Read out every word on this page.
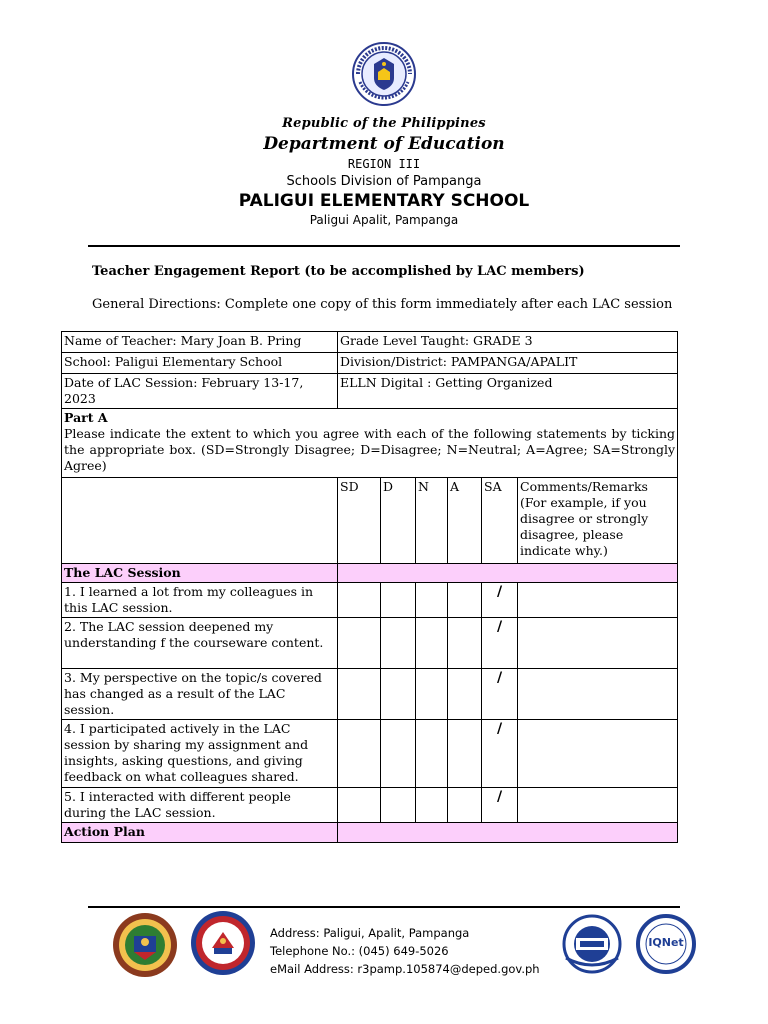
Republic of the Philippines
Department of Education
REGION III
Schools Division of Pampanga
PALIGUI ELEMENTARY SCHOOL
Paligui Apalit, Pampanga
Teacher Engagement Report (to be accomplished by LAC members)
General Directions: Complete one copy of this form immediately after each LAC session
Name of Teacher: Mary Joan B. Pring	Grade Level Taught: GRADE 3					
School: Paligui Elementary School	Division/District: PAMPANGA/APALIT					
Date of LAC Session: February 13-17, 2023	ELLN Digital : Getting Organized					

Part A
Please indicate the extent to which you agree with each of the following statements by ticking the appropriate box. (SD=Strongly Disagree; D=Disagree; N=Neutral; A=Agree; SA=Strongly Agree)						

	SD	D	N	A	SA	Comments/Remarks (For example, if you disagree or strongly disagree, please indicate why.)
The LAC Session						
1. I learned a lot from my colleagues in this LAC session.					/	
2. The LAC session deepened my understanding f the courseware content.					/	
3. My perspective on the topic/s covered has changed as a result of the LAC session.					/	
4. I participated actively in the LAC session by sharing my assignment and insights, asking questions, and giving feedback on what colleagues shared.					/	
5. I interacted with different people during the LAC session.					/	
Action Plan						
Address: Paligui, Apalit, Pampanga
Telephone No.: (045) 649-5026
eMail Address: r3pamp.105874@deped.gov.ph
IQNet
